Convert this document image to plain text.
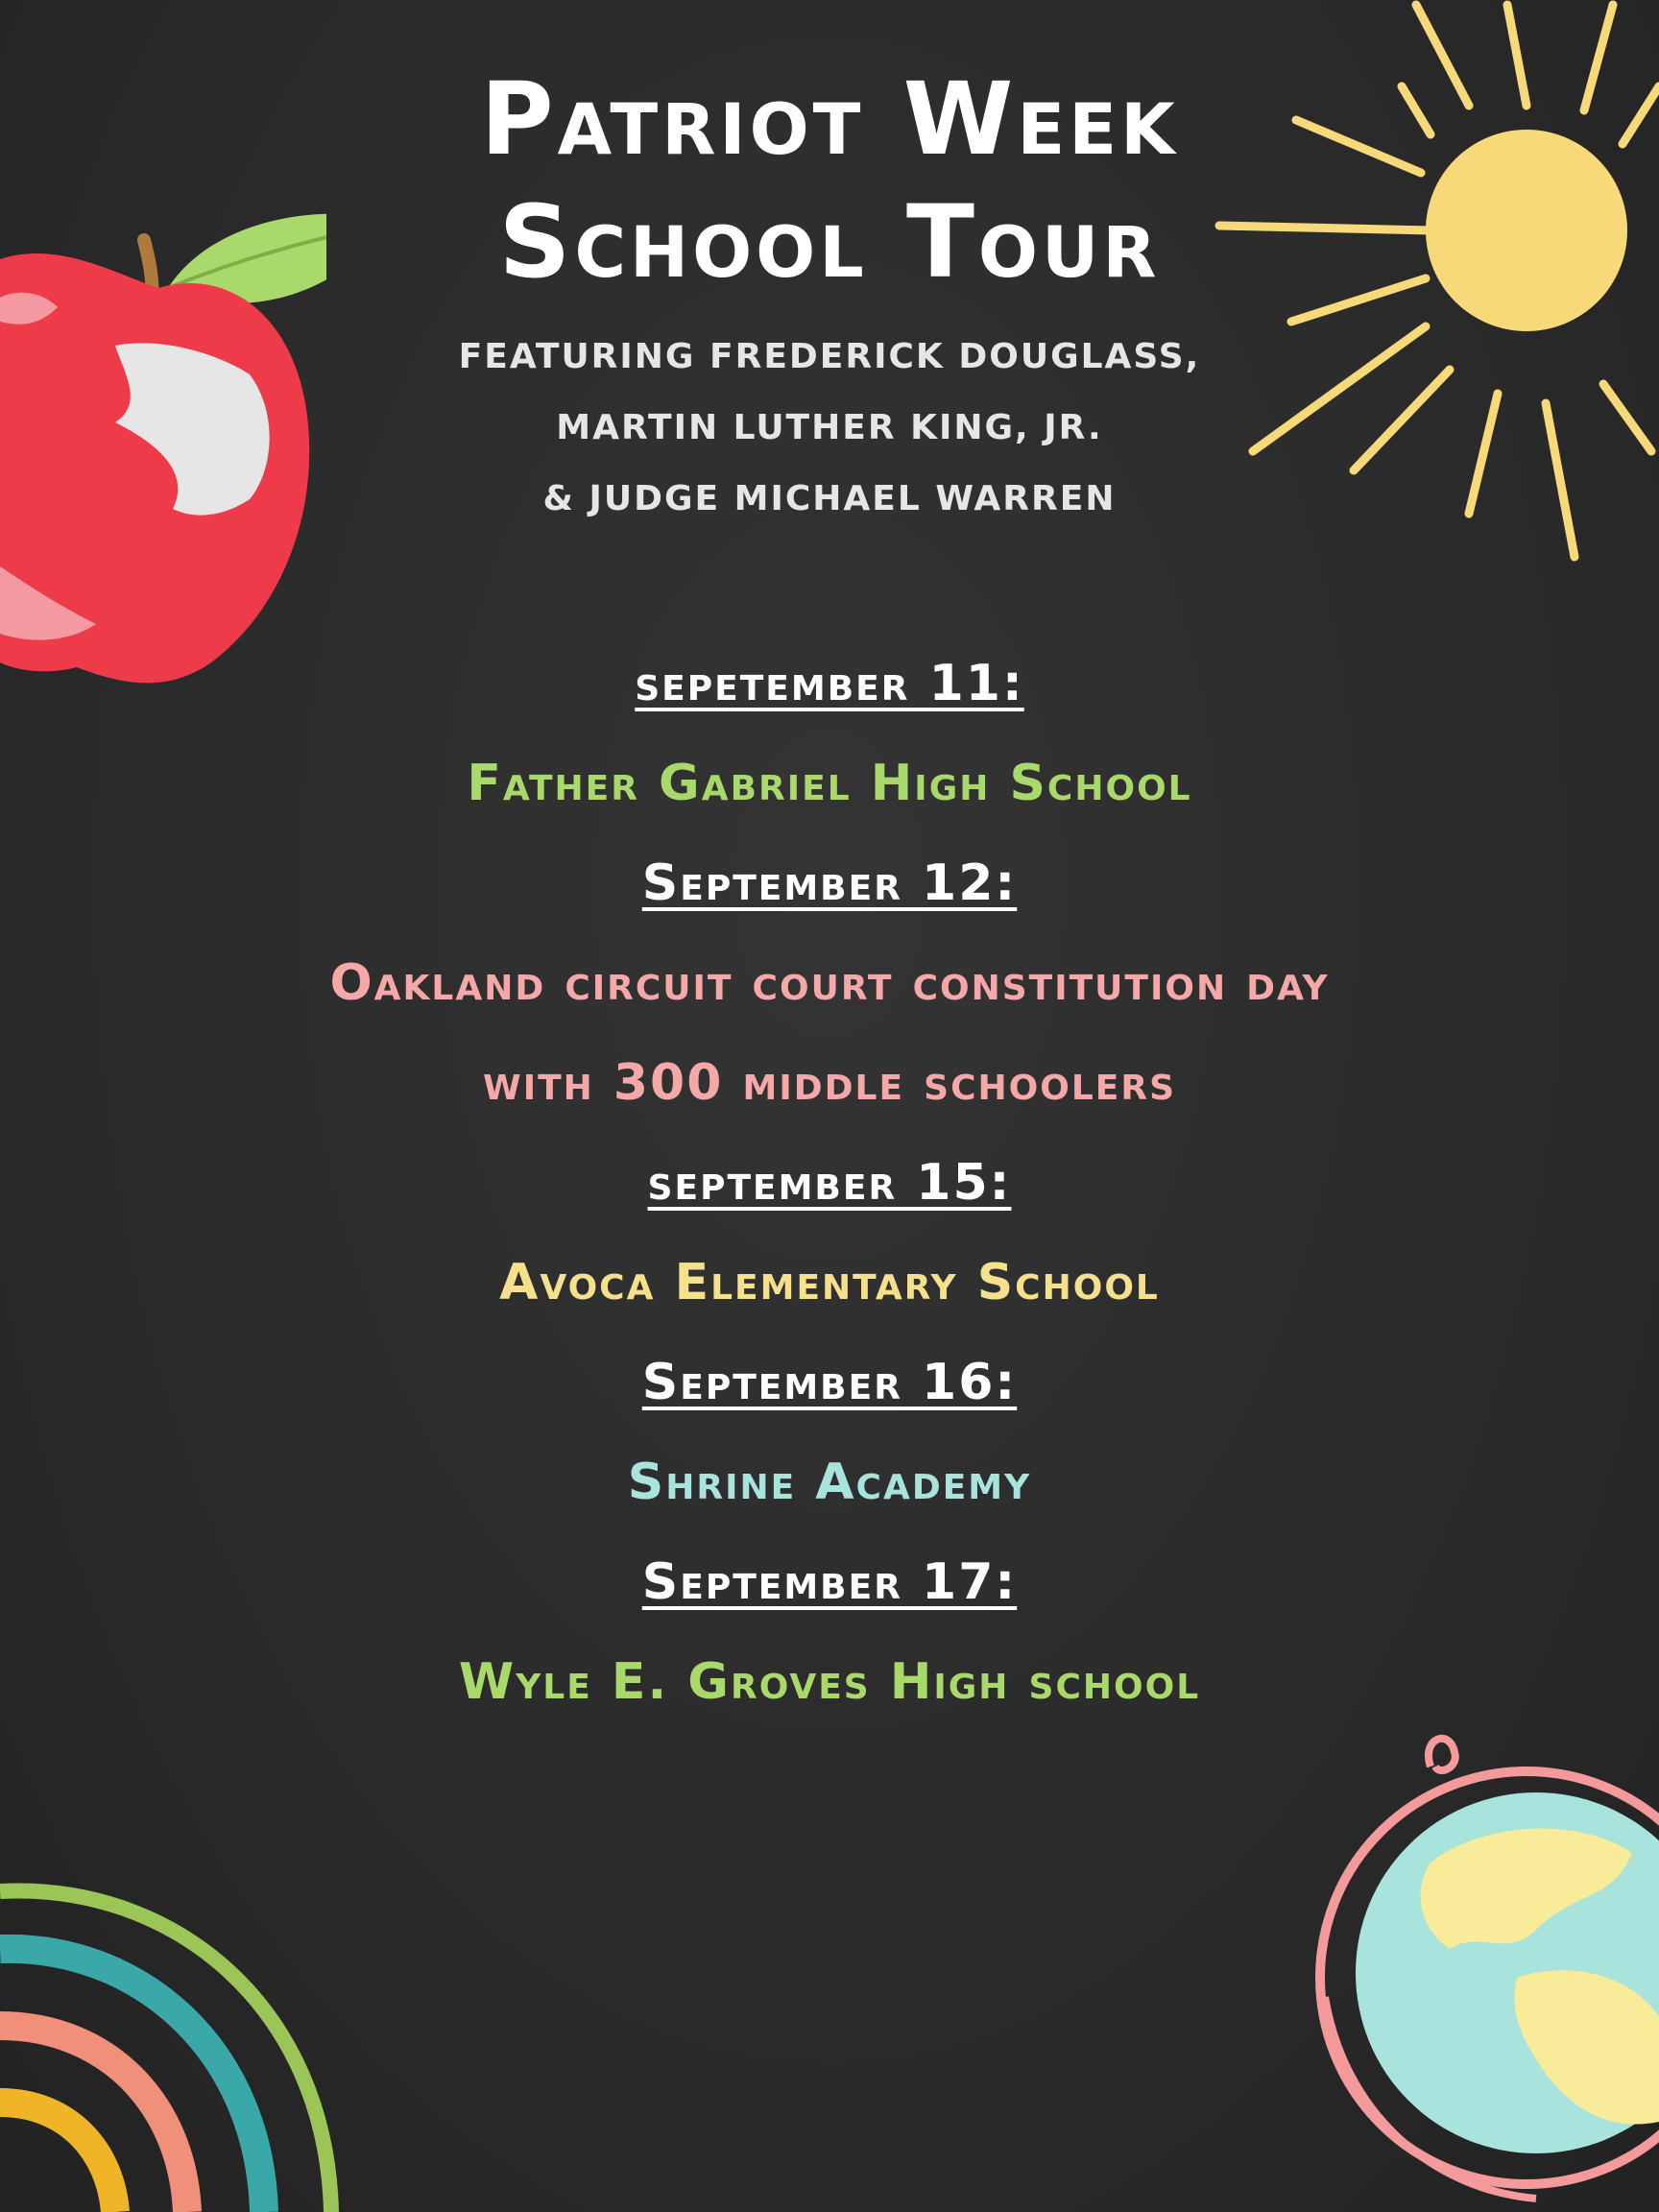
Patriot Week
School Tour
FEATURING FREDERICK DOUGLASS,
MARTIN LUTHER KING, JR.
& JUDGE MICHAEL WARREN
sepetember 11:
Father Gabriel High School
September 12:
Oakland circuit court constitution day
with 300 middle schoolers
september 15:
Avoca Elementary School
September 16:
Shrine Academy
September 17:
Wyle E. Groves High school
